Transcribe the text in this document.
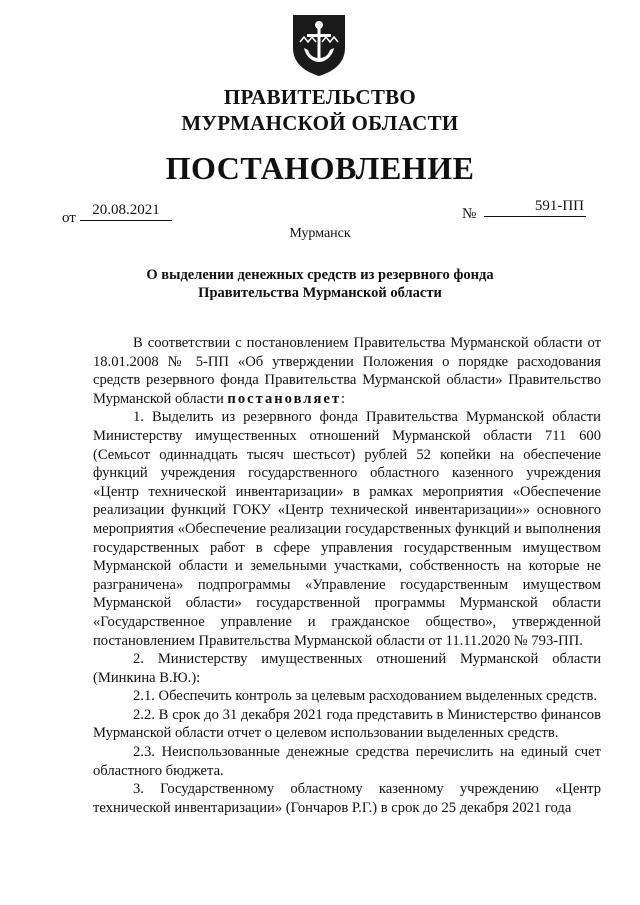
ПРАВИТЕЛЬСТВО
МУРМАНСКОЙ ОБЛАСТИ
ПОСТАНОВЛЕНИЕ
от	20.08.2021	№	591-ПП
Мурманск
О выделении денежных средств из резервного фонда
Правительства Мурманской области

В соответствии с постановлением Правительства Мурманской области от 18.01.2008 № 5-ПП «Об утверждении Положения о порядке расходования средств резервного фонда Правительства Мурманской области» Правительство Мурманской области постановляет:

1. Выделить из резервного фонда Правительства Мурманской области Министерству имущественных отношений Мурманской области 711 600 (Семьсот одиннадцать тысяч шестьсот) рублей 52 копейки на обеспечение функций учреждения государственного областного казенного учреждения «Центр технической инвентаризации» в рамках мероприятия «Обеспечение реализации функций ГОКУ «Центр технической инвентаризации»» основного мероприятия «Обеспечение реализации государственных функций и выполнения государственных работ в сфере управления государственным имуществом Мурманской области и земельными участками, собственность на которые не разграничена» подпрограммы «Управление государственным имуществом Мурманской области» государственной программы Мурманской области «Государственное управление и гражданское общество», утвержденной постановлением Правительства Мурманской области от 11.11.2020 № 793-ПП.

2. Министерству имущественных отношений Мурманской области (Минкина В.Ю.):

2.1. Обеспечить контроль за целевым расходованием выделенных средств.

2.2. В срок до 31 декабря 2021 года представить в Министерство финансов Мурманской области отчет о целевом использовании выделенных средств.

2.3. Неиспользованные денежные средства перечислить на единый счет областного бюджета.

3. Государственному областному казенному учреждению «Центр технической инвентаризации» (Гончаров Р.Г.) в срок до 25 декабря 2021 года
